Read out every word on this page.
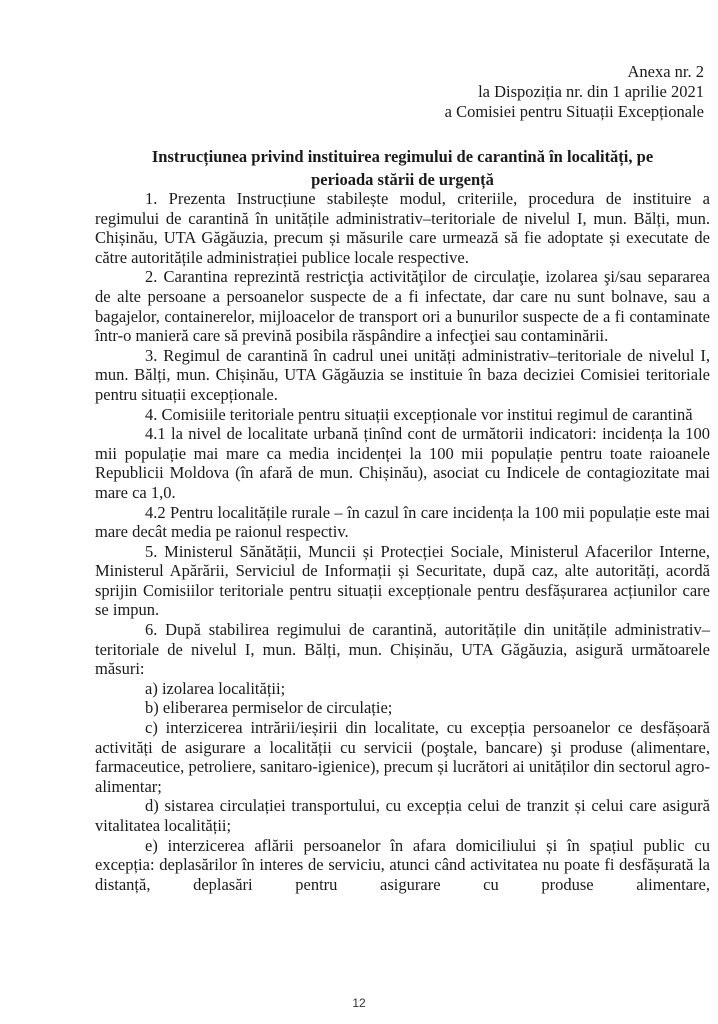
Anexa nr. 2
la Dispoziția nr. din 1 aprilie 2021
a Comisiei pentru Situații Excepționale
Instrucțiunea privind instituirea regimului de carantină în localități, pe
perioada stării de urgență

1. Prezenta Instrucțiune stabilește modul, criteriile, procedura de instituire a regimului de carantină în unitățile administrativ–teritoriale de nivelul I, mun. Bălți, mun. Chișinău, UTA Găgăuzia, precum și măsurile care urmează să fie adoptate și executate de către autoritățile administrației publice locale respective.

2. Carantina reprezintă restricţia activităţilor de circulaţie, izolarea şi/sau separarea de alte persoane a persoanelor suspecte de a fi infectate, dar care nu sunt bolnave, sau a bagajelor, containerelor, mijloacelor de transport ori a bunurilor suspecte de a fi contaminate într-o manieră care să prevină posibila răspândire a infecţiei sau contaminării.

3. Regimul de carantină în cadrul unei unități administrativ–teritoriale de nivelul I, mun. Bălți, mun. Chișinău, UTA Găgăuzia se instituie în baza deciziei Comisiei teritoriale pentru situații excepționale.

4. Comisiile teritoriale pentru situații excepționale vor institui regimul de carantină

4.1 la nivel de localitate urbană ținînd cont de următorii indicatori: incidența la 100 mii populație mai mare ca media incidenței la 100 mii populație pentru toate raioanele Republicii Moldova (în afară de mun. Chișinău), asociat cu Indicele de contagiozitate mai mare ca 1,0.

4.2 Pentru localitățile rurale – în cazul în care incidența la 100 mii populație este mai mare decât media pe raionul respectiv.

5. Ministerul Sănătății, Muncii și Protecției Sociale, Ministerul Afacerilor Interne, Ministerul Apărării, Serviciul de Informații și Securitate, după caz, alte autorități, acordă sprijin Comisiilor teritoriale pentru situații excepționale pentru desfășurarea acțiunilor care se impun.

6. După stabilirea regimului de carantină, autoritățile din unitățile administrativ–teritoriale de nivelul I, mun. Bălți, mun. Chișinău, UTA Găgăuzia, asigură următoarele măsuri:

a) izolarea localității;

b) eliberarea permiselor de circulație;

c) interzicerea intrării/ieșirii din localitate, cu excepția persoanelor ce desfășoară activități de asigurare a localității cu servicii (poştale, bancare) şi produse (alimentare, farmaceutice, petroliere, sanitaro-igienice), precum și lucrători ai unităților din sectorul agro-alimentar;

d) sistarea circulației transportului, cu excepția celui de tranzit și celui care asigură vitalitatea localității;

e) interzicerea aflării persoanelor în afara domiciliului și în spațiul public cu excepția: deplasărilor în interes de serviciu, atunci când activitatea nu poate fi desfășurată la distanță, deplasări pentru asigurare cu produse alimentare,

12
